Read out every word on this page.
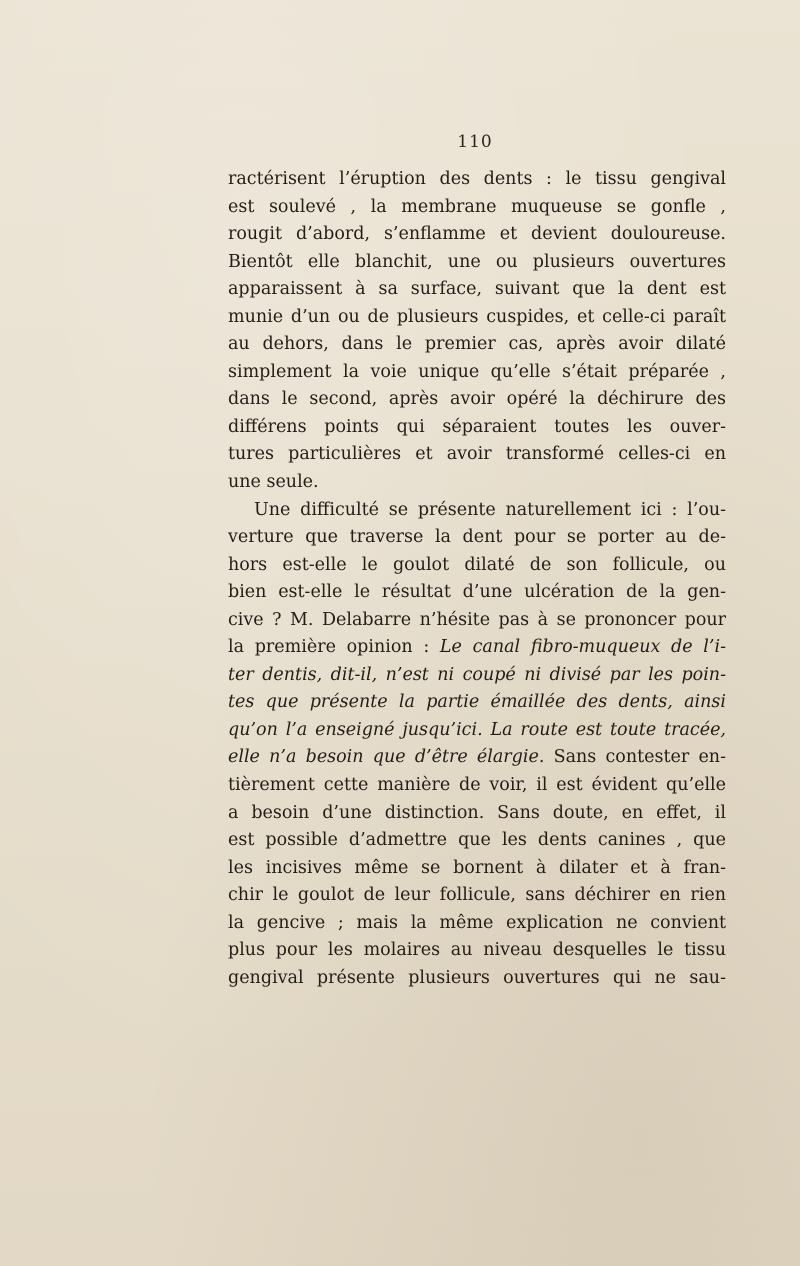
110
ractérisent l’éruption des dents : le tissu gengival
est soulevé , la membrane muqueuse se gonfle ,
rougit d’abord, s’enflamme et devient douloureuse.
Bientôt elle blanchit, une ou plusieurs ouvertures
apparaissent à sa surface, suivant que la dent est
munie d’un ou de plusieurs cuspides, et celle-ci paraît
au dehors, dans le premier cas, après avoir dilaté
simplement la voie unique qu’elle s’était préparée ,
dans le second, après avoir opéré la déchirure des
différens points qui séparaient toutes les ouver-
tures particulières et avoir transformé celles-ci en
une seule.
Une difficulté se présente naturellement ici : l’ou-
verture que traverse la dent pour se porter au de-
hors est-elle le goulot dilaté de son follicule, ou
bien est-elle le résultat d’une ulcération de la gen-
cive ? M. Delabarre n’hésite pas à se prononcer pour
la première opinion : Le canal fibro-muqueux de l’i-
ter dentis, dit-il, n’est ni coupé ni divisé par les poin-
tes que présente la partie émaillée des dents, ainsi
qu’on l’a enseigné jusqu’ici. La route est toute tracée,
elle n’a besoin que d’être élargie. Sans contester en-
tièrement cette manière de voir, il est évident qu’elle
a besoin d’une distinction. Sans doute, en effet, il
est possible d’admettre que les dents canines , que
les incisives même se bornent à dilater et à fran-
chir le goulot de leur follicule, sans déchirer en rien
la gencive ; mais la même explication ne convient
plus pour les molaires au niveau desquelles le tissu
gengival présente plusieurs ouvertures qui ne sau-
